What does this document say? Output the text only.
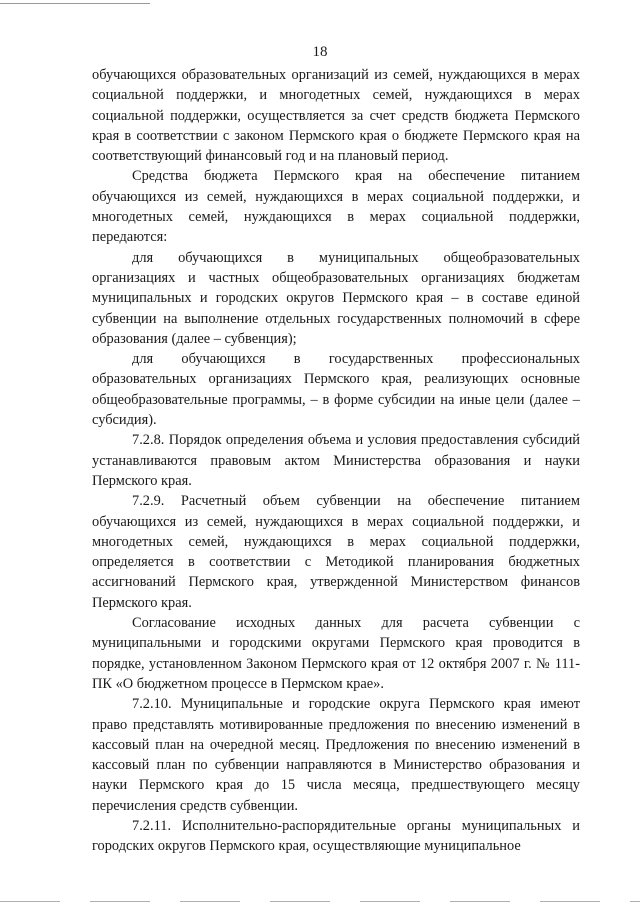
18

обучающихся образовательных организаций из семей, нуждающихся в мерах социальной поддержки, и многодетных семей, нуждающихся в мерах социальной поддержки, осуществляется за счет средств бюджета Пермского края в соответствии с законом Пермского края о бюджете Пермского края на соответствующий финансовый год и на плановый период.

Средства бюджета Пермского края на обеспечение питанием обучающихся из семей, нуждающихся в мерах социальной поддержки, и многодетных семей, нуждающихся в мерах социальной поддержки, передаются:

для обучающихся в муниципальных общеобразовательных организациях и частных общеобразовательных организациях бюджетам муниципальных и городских округов Пермского края – в составе единой субвенции на выполнение отдельных государственных полномочий в сфере образования (далее – субвенция);

для обучающихся в государственных профессиональных образовательных организациях Пермского края, реализующих основные общеобразовательные программы, – в форме субсидии на иные цели (далее – субсидия).

7.2.8. Порядок определения объема и условия предоставления субсидий устанавливаются правовым актом Министерства образования и науки Пермского края.

7.2.9. Расчетный объем субвенции на обеспечение питанием обучающихся из семей, нуждающихся в мерах социальной поддержки, и многодетных семей, нуждающихся в мерах социальной поддержки, определяется в соответствии с Методикой планирования бюджетных ассигнований Пермского края, утвержденной Министерством финансов Пермского края.

Согласование исходных данных для расчета субвенции с муниципальными и городскими округами Пермского края проводится в порядке, установленном Законом Пермского края от 12 октября 2007 г. № 111-ПК «О бюджетном процессе в Пермском крае».

7.2.10. Муниципальные и городские округа Пермского края имеют право представлять мотивированные предложения по внесению изменений в кассовый план на очередной месяц. Предложения по внесению изменений в кассовый план по субвенции направляются в Министерство образования и науки Пермского края до 15 числа месяца, предшествующего месяцу перечисления средств субвенции.

7.2.11. Исполнительно-распорядительные органы муниципальных и городских округов Пермского края, осуществляющие муниципальное
